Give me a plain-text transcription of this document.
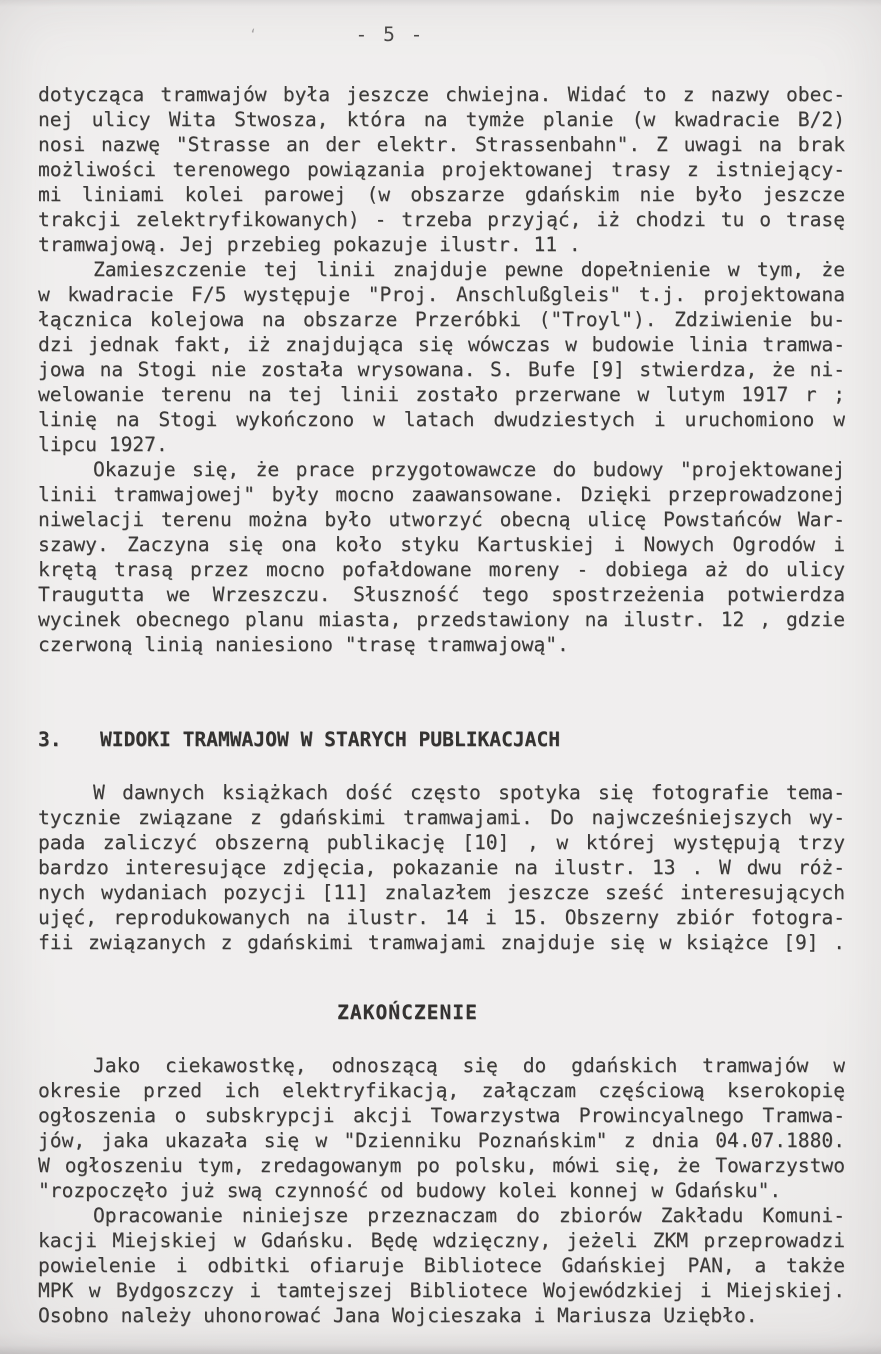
- 5 -
ʻ
dotycząca tramwajów była jeszcze chwiejna. Widać to z nazwy obec-
nej ulicy Wita Stwosza, która na tymże planie (w kwadracie B/2)
nosi nazwę "Strasse an der elektr. Strassenbahn". Z uwagi na brak
możliwości terenowego powiązania projektowanej trasy z istniejący-
mi liniami kolei parowej (w obszarze gdańskim nie było jeszcze
trakcji zelektryfikowanych) - trzeba przyjąć, iż chodzi tu o trasę
tramwajową. Jej przebieg pokazuje ilustr. 11 .
Zamieszczenie tej linii znajduje pewne dopełnienie w tym, że
w kwadracie F/5 występuje "Proj. Anschlußgleis" t.j. projektowana
łącznica kolejowa na obszarze Przeróbki ("Troyl"). Zdziwienie bu-
dzi jednak fakt, iż znajdująca się wówczas w budowie linia tramwa-
jowa na Stogi nie została wrysowana. S. Bufe [9] stwierdza, że ni-
welowanie terenu na tej linii zostało przerwane w lutym 1917 r ;
linię na Stogi wykończono w latach dwudziestych i uruchomiono w
lipcu 1927.
Okazuje się, że prace przygotowawcze do budowy "projektowanej
linii tramwajowej" były mocno zaawansowane. Dzięki przeprowadzonej
niwelacji terenu można było utworzyć obecną ulicę Powstańców War-
szawy. Zaczyna się ona koło styku Kartuskiej i Nowych Ogrodów i
krętą trasą przez mocno pofałdowane moreny - dobiega aż do ulicy
Traugutta we Wrzeszczu. Słuszność tego spostrzeżenia potwierdza
wycinek obecnego planu miasta, przedstawiony na ilustr. 12 , gdzie
czerwoną linią naniesiono "trasę tramwajową".
3.	WIDOKI TRAMWAJOW W STARYCH PUBLIKACJACH
W dawnych książkach dość często spotyka się fotografie tema-
tycznie związane z gdańskimi tramwajami. Do najwcześniejszych wy-
pada zaliczyć obszerną publikację [10] , w której występują trzy
bardzo interesujące zdjęcia, pokazanie na ilustr. 13 . W dwu róż-
nych wydaniach pozycji [11] znalazłem jeszcze sześć interesujących
ujęć, reprodukowanych na ilustr. 14 i 15. Obszerny zbiór fotogra-
fii związanych z gdańskimi tramwajami znajduje się w książce [9] .
ZAKOŃCZENIE
Jako ciekawostkę, odnoszącą się do gdańskich tramwajów w
okresie przed ich elektryfikacją, załączam częściową kserokopię
ogłoszenia o subskrypcji akcji Towarzystwa Prowincyalnego Tramwa-
jów, jaka ukazała się w "Dzienniku Poznańskim" z dnia 04.07.1880.
W ogłoszeniu tym, zredagowanym po polsku, mówi się, że Towarzystwo
"rozpoczęło już swą czynność od budowy kolei konnej w Gdańsku".
Opracowanie niniejsze przeznaczam do zbiorów Zakładu Komuni-
kacji Miejskiej w Gdańsku. Będę wdzięczny, jeżeli ZKM przeprowadzi
powielenie i odbitki ofiaruje Bibliotece Gdańskiej PAN, a także
MPK w Bydgoszczy i tamtejszej Bibliotece Wojewódzkiej i Miejskiej.
Osobno należy uhonorować Jana Wojcieszaka i Mariusza Uziębło.
